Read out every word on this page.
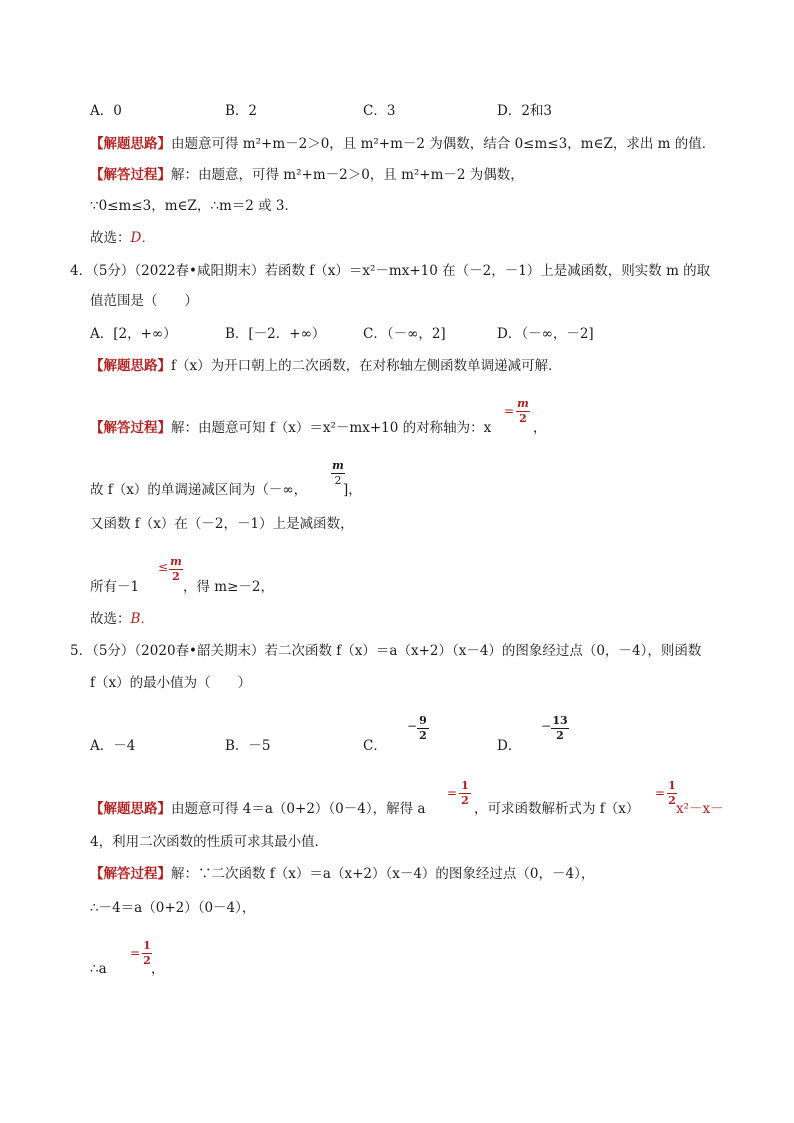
A．0	B．2	C．3	D．2和3
【解题思路】由题意可得 m²+m－2＞0，且 m²+m－2 为偶数，结合 0≤m≤3，m∈Z，求出 m 的值．
【解答过程】解：由题意，可得 m²+m－2＞0，且 m²+m－2 为偶数，
∵0≤m≤3，m∈Z，∴m＝2 或 3．
故选：D．
4．（5分）（2022春•咸阳期末）若函数 f（x）＝x²－mx+10 在（－2，－1）上是减函数，则实数 m 的取
值范围是（　　）
A．[2，+∞）	B．[－2．+∞）	C．（－∞，2]	D．（－∞，－2]
【解题思路】f（x）为开口朝上的二次函数，在对称轴左侧函数单调递减可解．
【解答过程】解：由题意可知 f（x）＝x²－mx+10 的对称轴为：x
=
m
2
，
故 f（x）的单调递减区间为（－∞，
m
2
]，
又函数 f（x）在（－2，－1）上是减函数，
所有－1
≤ m
2
，得 m≥－2，
故选：B．
5．（5分）（2020春•韶关期末）若二次函数 f（x）＝a（x+2）（x－4）的图象经过点（0，－4），则函数
f（x）的最小值为（　　）
A．－4	B．－5	C．
− 9
2
D．
− 13
2
【解题思路】由题意可得 4＝a（0+2）（0－4），解得 a
=
1
2
，可求函数解析式为 f（x）
=
1
2
x²－x－
4，利用二次函数的性质可求其最小值．
【解答过程】解：∵二次函数 f（x）＝a（x+2）（x－4）的图象经过点（0，－4），
∴－4＝a（0+2）（0－4），
∴a
=
1
2
，
